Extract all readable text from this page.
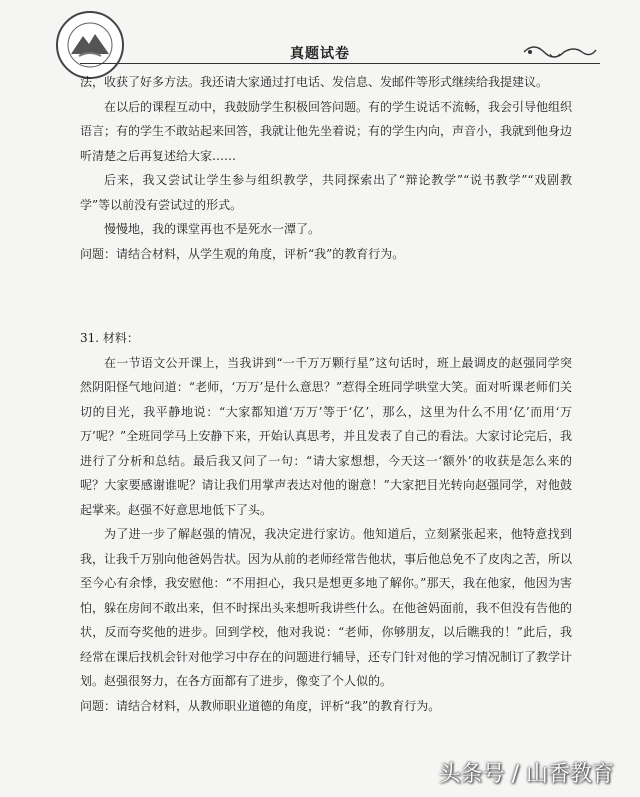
真题试卷

法，收获了好多方法。我还请大家通过打电话、发信息、发邮件等形式继续给我提建议。

在以后的课程互动中，我鼓励学生积极回答问题。有的学生说话不流畅，我会引导他组织语言；有的学生不敢站起来回答，我就让他先坐着说；有的学生内向，声音小，我就到他身边听清楚之后再复述给大家……

后来，我又尝试让学生参与组织教学，共同探索出了“辩论教学”“说书教学”“戏剧教学”等以前没有尝试过的形式。

慢慢地，我的课堂再也不是死水一潭了。

问题：请结合材料，从学生观的角度，评析“我”的教育行为。

31. 材料：

在一节语文公开课上，当我讲到“一千万万颗行星”这句话时，班上最调皮的赵强同学突然阴阳怪气地问道：“老师，‘万万’是什么意思？”惹得全班同学哄堂大笑。面对听课老师们关切的目光，我平静地说：“大家都知道‘万万’等于‘亿’，那么，这里为什么不用‘亿’而用‘万万’呢？”全班同学马上安静下来，开始认真思考，并且发表了自己的看法。大家讨论完后，我进行了分析和总结。最后我又问了一句：“请大家想想，今天这一‘额外’的收获是怎么来的呢？大家要感谢谁呢？请让我们用掌声表达对他的谢意！”大家把目光转向赵强同学，对他鼓起掌来。赵强不好意思地低下了头。

为了进一步了解赵强的情况，我决定进行家访。他知道后，立刻紧张起来，他特意找到我，让我千万别向他爸妈告状。因为从前的老师经常告他状，事后他总免不了皮肉之苦，所以至今心有余悸，我安慰他：“不用担心，我只是想更多地了解你。”那天，我在他家，他因为害怕，躲在房间不敢出来，但不时探出头来想听我讲些什么。在他爸妈面前，我不但没有告他的状，反而夸奖他的进步。回到学校，他对我说：“老师，你够朋友，以后瞧我的！”此后，我经常在课后找机会针对他学习中存在的问题进行辅导，还专门针对他的学习情况制订了教学计划。赵强很努力，在各方面都有了进步，像变了个人似的。

问题：请结合材料，从教师职业道德的角度，评析“我”的教育行为。

头条号 / 山香教育
